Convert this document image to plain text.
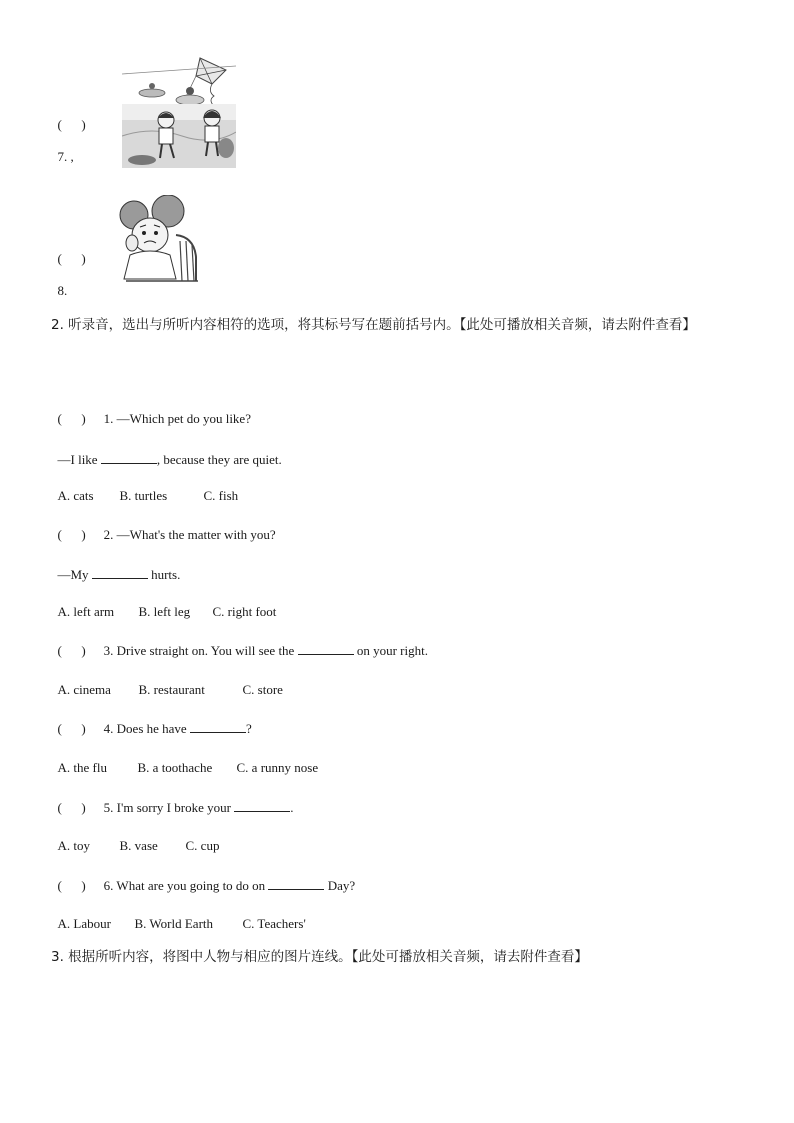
(      )

7. ,

(      )

8.

2. 听录音，选出与所听内容相符的选项，将其标号写在题前括号内。【此处可播放相关音频，请去附件查看】

(      ) 1. —Which pet do you like?

—I like	, because they are quiet.

A. cats B. turtles	C. fish

(      ) 2. —What's the matter with you?

—My	hurts.

A. left arm B. left leg C. right foot

(      ) 3. Drive straight on. You will see the	on your right.

A. cinema B. restaurant	C. store

(      ) 4. Does he have	?

A. the flu B. a toothache C. a runny nose

(      ) 5. I'm sorry I broke your	.

A. toy B. vase C. cup

(      ) 6. What are you going to do on	Day?

A. Labour B. World Earth C. Teachers'

3. 根据所听内容，将图中人物与相应的图片连线。【此处可播放相关音频，请去附件查看】
